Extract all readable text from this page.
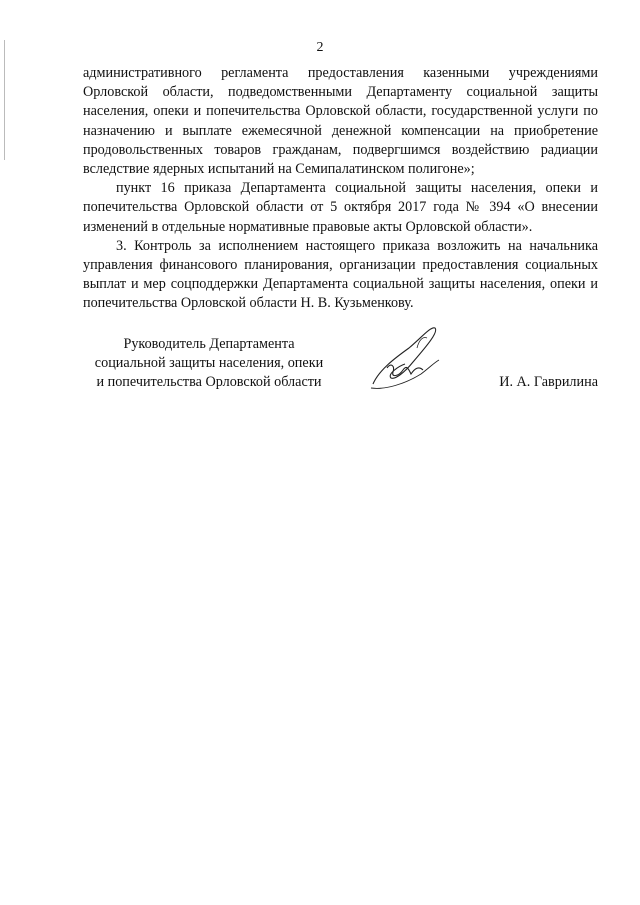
2

административного регламента предоставления казенными учреждениями Орловской области, подведомственными Департаменту социальной защиты населения, опеки и попечительства Орловской области, государственной услуги по назначению и выплате ежемесячной денежной компенсации на приобретение продовольственных товаров гражданам, подвергшимся воздействию радиации вследствие ядерных испытаний на Семипалатинском полигоне»;

пункт 16 приказа Департамента социальной защиты населения, опеки и попечительства Орловской области от 5 октября 2017 года № 394 «О внесении изменений в отдельные нормативные правовые акты Орловской области».

3. Контроль за исполнением настоящего приказа возложить на начальника управления финансового планирования, организации предоставления социальных выплат и мер соцподдержки Департамента социальной защиты населения, опеки и попечительства Орловской области Н. В. Кузьменкову.

Руководитель Департамента
социальной защиты населения, опеки
и попечительства Орловской области	И. А. Гаврилина
